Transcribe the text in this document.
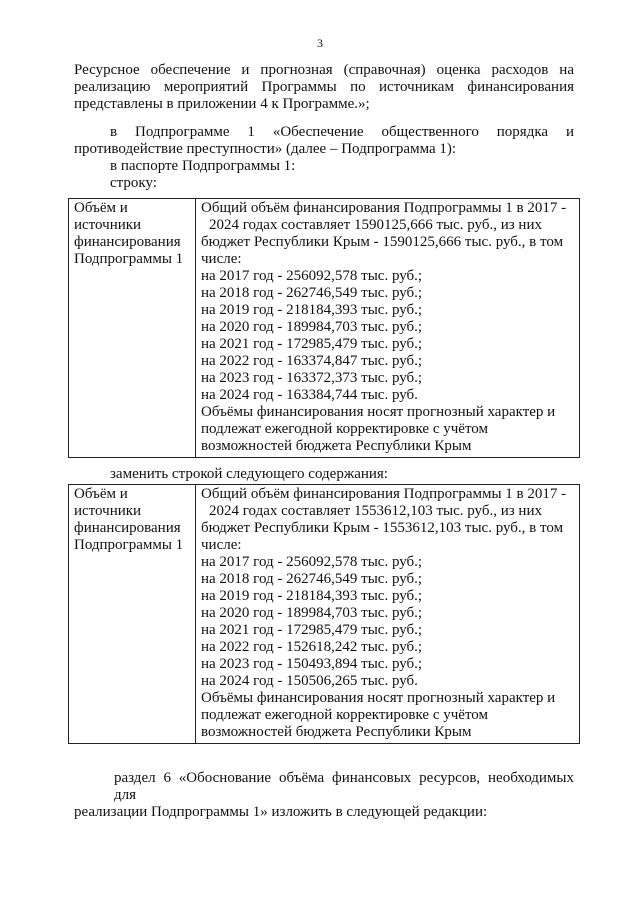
3
Ресурсное обеспечение и прогнозная (справочная) оценка расходов на
реализацию мероприятий Программы по источникам финансирования
представлены в приложении 4 к Программе.»;
в Подпрограмме 1 «Обеспечение общественного порядка и
противодействие преступности» (далее – Подпрограмма 1):
в паспорте Подпрограммы 1:
строку:
Объём и
источники
финансирования
Подпрограммы 1

Общий объём финансирования Подпрограммы 1 в 2017 -
2024 годах составляет 1590125,666 тыс. руб., из них
бюджет Республики Крым - 1590125,666 тыс. руб., в том
числе:
на 2017 год - 256092,578 тыс. руб.;
на 2018 год - 262746,549 тыс. руб.;
на 2019 год - 218184,393 тыс. руб.;
на 2020 год - 189984,703 тыс. руб.;
на 2021 год - 172985,479 тыс. руб.;
на 2022 год - 163374,847 тыс. руб.;
на 2023 год - 163372,373 тыс. руб.;
на 2024 год - 163384,744 тыс. руб.
Объёмы финансирования носят прогнозный характер и
подлежат ежегодной корректировке с учётом
возможностей бюджета Республики Крым
заменить строкой следующего содержания:
Объём и
источники
финансирования
Подпрограммы 1

Общий объём финансирования Подпрограммы 1 в 2017 -
2024 годах составляет 1553612,103 тыс. руб., из них
бюджет Республики Крым - 1553612,103 тыс. руб., в том
числе:
на 2017 год - 256092,578 тыс. руб.;
на 2018 год - 262746,549 тыс. руб.;
на 2019 год - 218184,393 тыс. руб.;
на 2020 год - 189984,703 тыс. руб.;
на 2021 год - 172985,479 тыс. руб.;
на 2022 год - 152618,242 тыс. руб.;
на 2023 год - 150493,894 тыс. руб.;
на 2024 год - 150506,265 тыс. руб.
Объёмы финансирования носят прогнозный характер и
подлежат ежегодной корректировке с учётом
возможностей бюджета Республики Крым
раздел 6 «Обоснование объёма финансовых ресурсов, необходимых для
реализации Подпрограммы 1» изложить в следующей редакции:
